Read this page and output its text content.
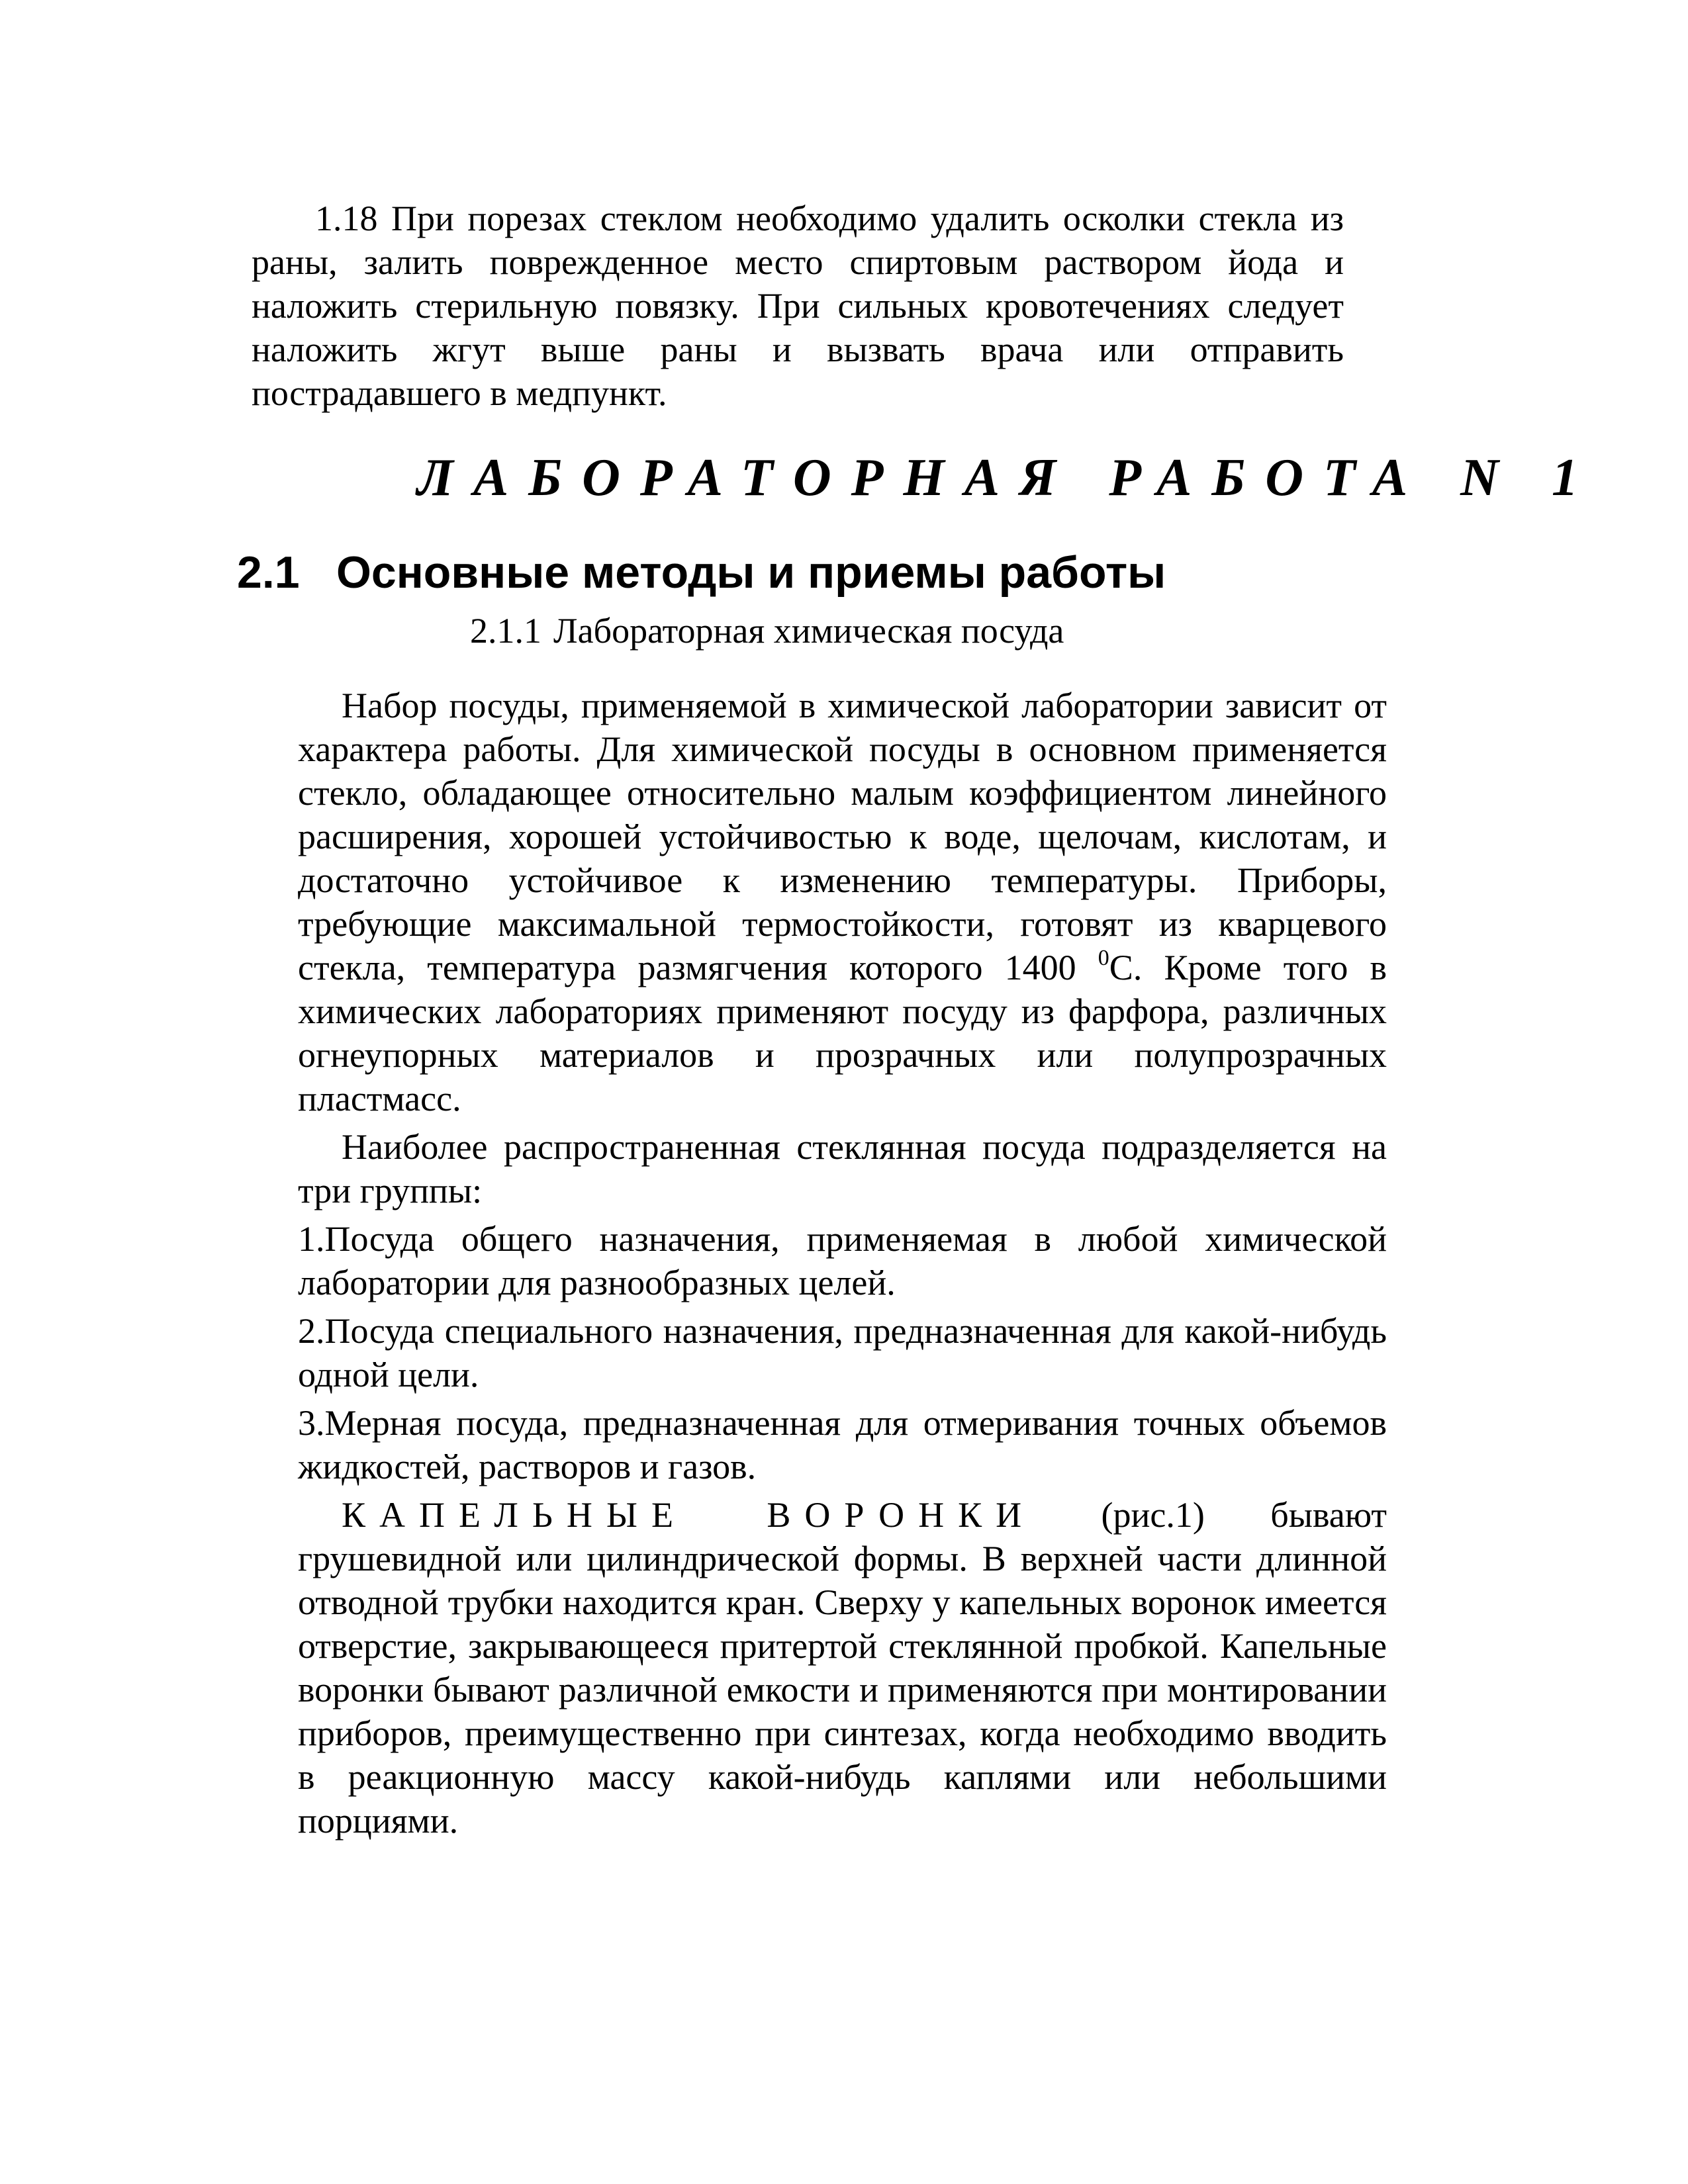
1.18 При порезах стеклом необходимо удалить осколки стекла из раны, залить поврежденное место спиртовым раствором йода и наложить стерильную повязку. При сильных кровотечениях следует наложить жгут выше раны и вызвать врача или отправить пострадавшего в медпункт.

ЛАБОРАТОРНАЯ РАБОТА N 1
2.1 Основные методы и приемы работы
2.1.1 Лабораторная химическая посуда

Набор посуды, применяемой в химической лаборатории зависит от характера работы. Для химической посуды в основном применяется стекло, обладающее относительно малым коэффициентом линейного расширения, хорошей устойчивостью к воде, щелочам, кислотам, и достаточно устойчивое к изменению температуры. Приборы, требующие максимальной термостойкости, готовят из кварцевого стекла, температура размягчения которого 1400 $^0$С. Кроме того в химических лабораториях применяют посуду из фарфора, различных огнеупорных материалов и прозрачных или полупрозрачных пластмасс.

Наиболее распространенная стеклянная посуда подразделяется на три группы:

1.Посуда общего назначения, применяемая в любой химической лаборатории для разнообразных целей.

2.Посуда специального назначения, предназначенная для какой-нибудь одной цели.

3.Мерная посуда, предназначенная для отмеривания точных объемов жидкостей, растворов и газов.

КАПЕЛЬНЫЕ ВОРОНКИ (рис.1) бывают грушевидной или цилиндрической формы. В верхней части длинной отводной трубки находится кран. Сверху у капельных воронок имеется отверстие, закрывающееся притертой стеклянной пробкой. Капельные воронки бывают различной емкости и применяются при монтировании приборов, преимущественно при синтезах, когда необходимо вводить в реакционную массу какой-нибудь каплями или небольшими порциями.
